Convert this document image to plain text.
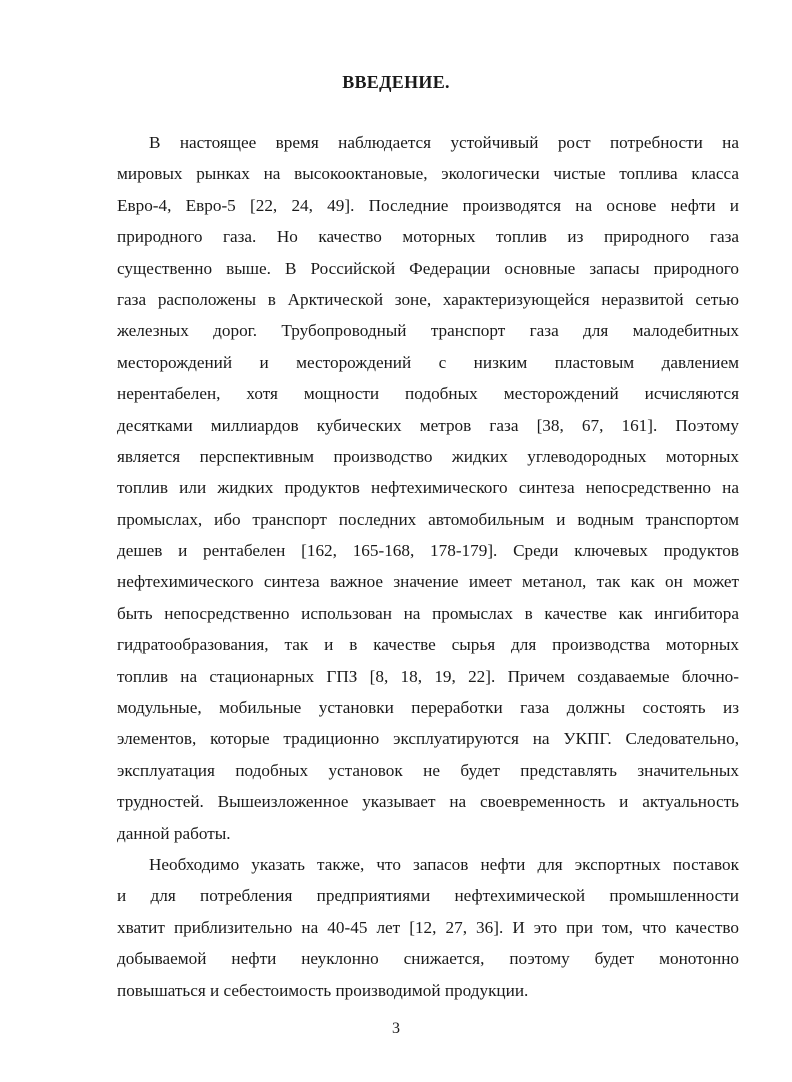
ВВЕДЕНИЕ.
В настоящее время наблюдается устойчивый рост потребности на
мировых рынках на высокооктановые, экологически чистые топлива класса
Евро-4, Евро-5 [22, 24, 49]. Последние производятся на основе нефти и
природного газа. Но качество моторных топлив из природного газа
существенно выше. В Российской Федерации основные запасы природного
газа расположены в Арктической зоне, характеризующейся неразвитой сетью
железных дорог. Трубопроводный транспорт газа для малодебитных
месторождений и месторождений с низким пластовым давлением
нерентабелен, хотя мощности подобных месторождений исчисляются
десятками миллиардов кубических метров газа [38, 67, 161]. Поэтому
является перспективным производство жидких углеводородных моторных
топлив или жидких продуктов нефтехимического синтеза непосредственно на
промыслах, ибо транспорт последних автомобильным и водным транспортом
дешев и рентабелен [162, 165-168, 178-179]. Среди ключевых продуктов
нефтехимического синтеза важное значение имеет метанол, так как он может
быть непосредственно использован на промыслах в качестве как ингибитора
гидратообразования, так и в качестве сырья для производства моторных
топлив на стационарных ГПЗ [8, 18, 19, 22]. Причем создаваемые блочно-
модульные, мобильные установки переработки газа должны состоять из
элементов, которые традиционно эксплуатируются на УКПГ. Следовательно,
эксплуатация подобных установок не будет представлять значительных
трудностей. Вышеизложенное указывает на своевременность и актуальность
данной работы.
Необходимо указать также, что запасов нефти для экспортных поставок
и для потребления предприятиями нефтехимической промышленности
хватит приблизительно на 40-45 лет [12, 27, 36]. И это при том, что качество
добываемой нефти неуклонно снижается, поэтому будет монотонно
повышаться и себестоимость производимой продукции.
3
